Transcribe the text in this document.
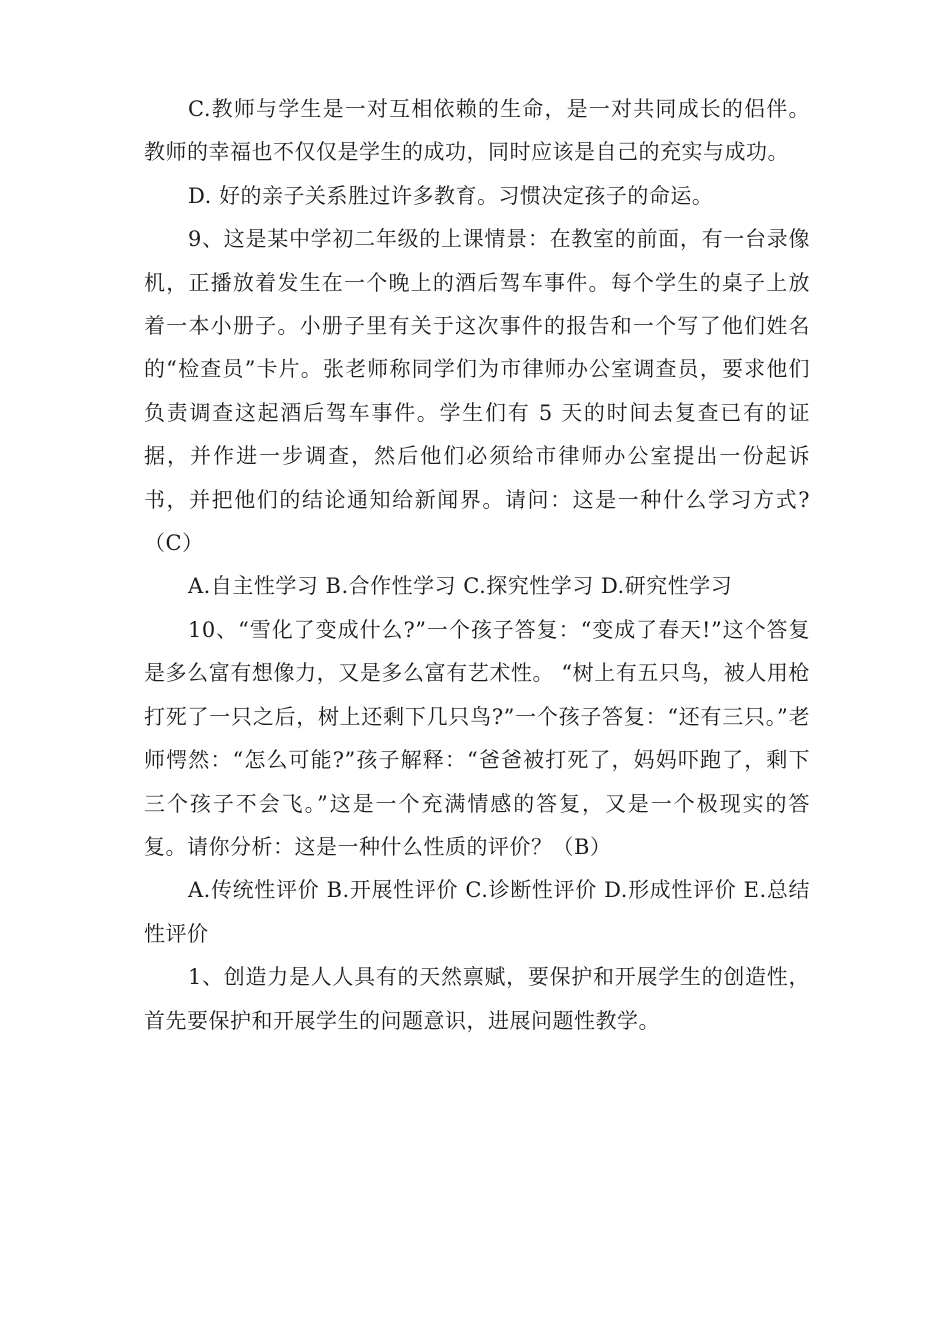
C.教师与学生是一对互相依赖的生命，是一对共同成长的侣伴。教师的幸福也不仅仅是学生的成功，同时应该是自己的充实与成功。

D. 好的亲子关系胜过许多教育。习惯决定孩子的命运。

9、这是某中学初二年级的上课情景：在教室的前面，有一台录像机，正播放着发生在一个晚上的酒后驾车事件。每个学生的桌子上放着一本小册子。小册子里有关于这次事件的报告和一个写了他们姓名的“检查员”卡片。张老师称同学们为市律师办公室调查员，要求他们负责调查这起酒后驾车事件。学生们有 5 天的时间去复查已有的证据，并作进一步调查，然后他们必须给市律师办公室提出一份起诉书，并把他们的结论通知给新闻界。请问：这是一种什么学习方式?（C）

A.自主性学习 B.合作性学习 C.探究性学习 D.研究性学习

10、“雪化了变成什么?”一个孩子答复：“变成了春天!”这个答复是多么富有想像力，又是多么富有艺术性。 “树上有五只鸟，被人用枪打死了一只之后，树上还剩下几只鸟?”一个孩子答复：“还有三只。”老师愕然：“怎么可能?”孩子解释：“爸爸被打死了，妈妈吓跑了，剩下三个孩子不会飞。”这是一个充满情感的答复，又是一个极现实的答复。请你分析：这是一种什么性质的评价？（B）

A.传统性评价 B.开展性评价 C.诊断性评价 D.形成性评价 E.总结性评价

1、创造力是人人具有的天然禀赋，要保护和开展学生的创造性，首先要保护和开展学生的问题意识，进展问题性教学。
